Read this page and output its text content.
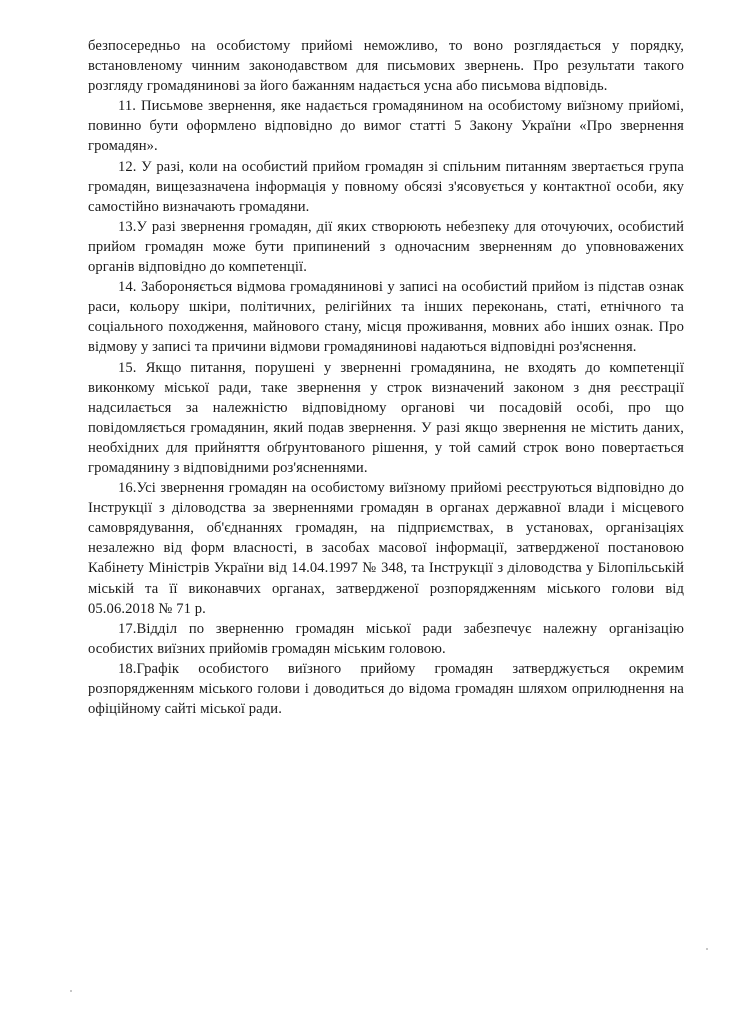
безпосередньо на особистому прийомі неможливо, то воно розглядається у порядку, встановленому чинним законодавством для письмових звернень. Про результати такого розгляду громадянинові за його бажанням надається усна або письмова відповідь.

11. Письмове звернення, яке надається громадянином на особистому виїзному прийомі, повинно бути оформлено відповідно до вимог статті 5 Закону України «Про звернення громадян».

12. У разі, коли на особистий прийом громадян зі спільним питанням звертається група громадян, вищезазначена інформація у повному обсязі з'ясовується у контактної особи, яку самостійно визначають громадяни.

13.У разі звернення громадян, дії яких створюють небезпеку для оточуючих, особистий прийом громадян може бути припинений з одночасним зверненням до уповноважених органів відповідно до компетенції.

14. Забороняється відмова громадянинові у записі на особистий прийом із підстав ознак раси, кольору шкіри, політичних, релігійних та інших переконань, статі, етнічного та соціального походження, майнового стану, місця проживання, мовних або інших ознак. Про відмову у записі та причини відмови громадянинові надаються відповідні роз'яснення.

15. Якщо питання, порушені у зверненні громадянина, не входять до компетенції виконкому міської ради, таке звернення у строк визначений законом з дня реєстрації надсилається за належністю відповідному органові чи посадовій особі, про що повідомляється громадянин, який подав звернення. У разі якщо звернення не містить даних, необхідних для прийняття обґрунтованого рішення, у той самий строк воно повертається громадянину з відповідними роз'ясненнями.

16.Усі звернення громадян на особистому виїзному прийомі реєструються відповідно до Інструкції з діловодства за зверненнями громадян в органах державної влади і місцевого самоврядування, об'єднаннях громадян, на підприємствах, в установах, організаціях незалежно від форм власності, в засобах масової інформації, затвердженої постановою Кабінету Міністрів України від 14.04.1997 № 348, та Інструкції з діловодства у Білопільській міській та її виконавчих органах, затвердженої розпорядженням міського голови від 05.06.2018 № 71 р.

17.Відділ по зверненню громадян міської ради забезпечує належну організацію особистих виїзних прийомів громадян міським головою.

18.Графік особистого виїзного прийому громадян затверджується окремим розпорядженням міського голови і доводиться до відома громадян шляхом оприлюднення на офіційному сайті міської ради.
